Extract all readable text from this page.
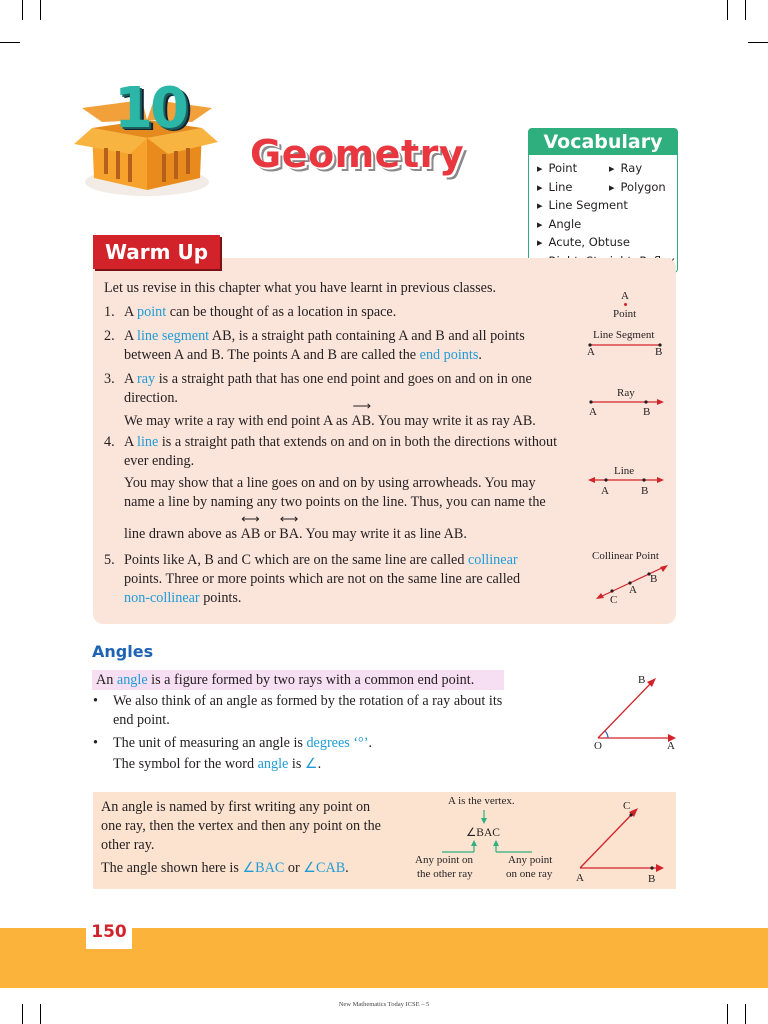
10
Geometry	Vocabulary
▸ Point	▸ Ray
▸ Line	▸ Polygon
▸ Line Segment
▸ Angle
▸ Acute, Obtuse
▸
Warm Up
Let us revise in this chapter what you have learnt in previous classes.
1. A point can be thought of as a location in space.
2. A line segment AB, is a straight path containing A and B and all points
between A and B. The points A and B are called the end points.
3. A ray is a straight path that has one end point and goes on and on in one
direction.
We may write a ray with end point A as
⟶
AB. You may write it as ray AB.
4. A line is a straight path that extends on and on in both the directions without
ever ending.
You may show that a line goes on and on by using arrowheads. You may
name a line by naming any two points on the line. Thus, you can name the
line drawn above as
⟷
AB or
⟷
BA. You may write it as line AB.
5. Points like A, B and C which are on the same line are called collinear
points. Three or more points which are not on the same line are called
non-collinear points.
A
Point
Line Segment
A	B
Ray
A	B
Line
A	B
Collinear Point
B
A
C
Angles
An angle is a figure formed by two rays with a common end point.
• We also think of an angle as formed by the rotation of a ray about its
end point.
• The unit of measuring an angle is degrees ‘°’.
The symbol for the word angle is ∠.
B
O	A
An angle is named by first writing any point on
one ray, then the vertex and then any point on the
other ray.
The angle shown here is ∠BAC or ∠CAB.
A is the vertex.
∠BAC
Any point on
the other ray
Any point
on one ray
C
A	B
150
New Mathematics Today ICSE – 5
